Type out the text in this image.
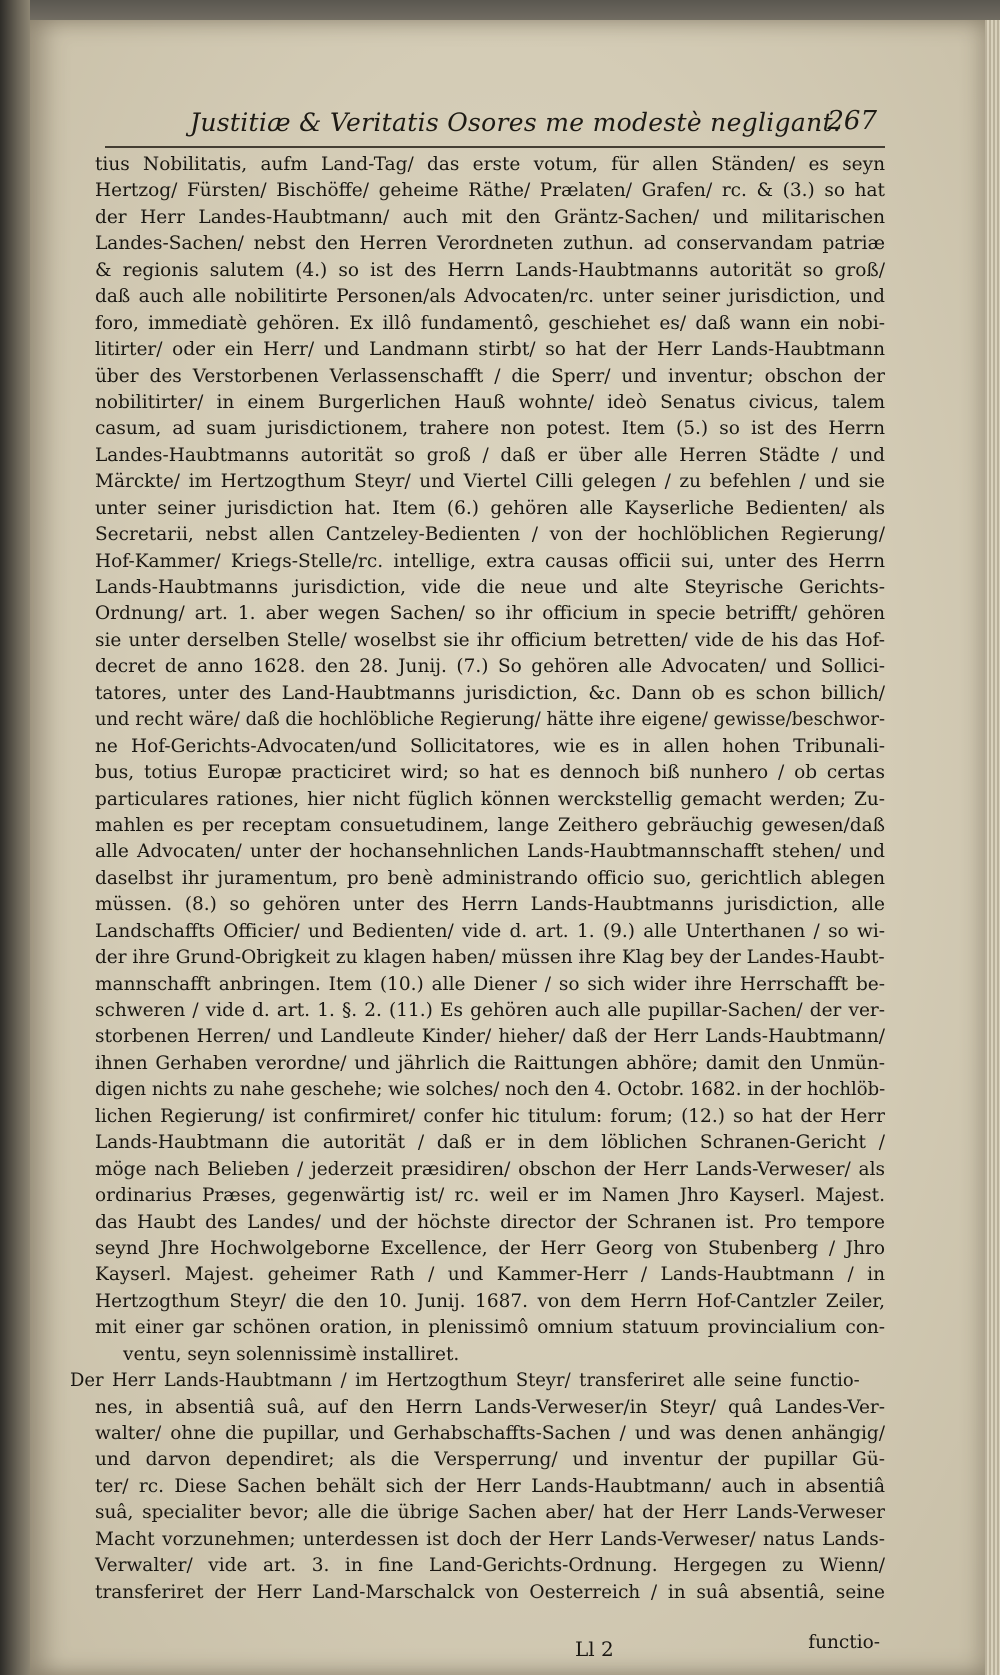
Justitiæ & Veritatis Osores me modestè negligant.
267
tius Nobilitatis, aufm Land-Tag/ das erste votum, für allen Ständen/ es seyn
Hertzog/ Fürsten/ Bischöffe/ geheime Räthe/ Prælaten/ Grafen/ rc. & (3.) so hat
der Herr Landes-Haubtmann/ auch mit den Gräntz-Sachen/ und militarischen
Landes-Sachen/ nebst den Herren Verordneten zuthun. ad conservandam patriæ
& regionis salutem (4.) so ist des Herrn Lands-Haubtmanns autorität so groß/
daß auch alle nobilitirte Personen/als Advocaten/rc. unter seiner jurisdiction, und
foro, immediatè gehören. Ex illô fundamentô, geschiehet es/ daß wann ein nobi-
litirter/ oder ein Herr/ und Landmann stirbt/ so hat der Herr Lands-Haubtmann
über des Verstorbenen Verlassenschafft / die Sperr/ und inventur; obschon der
nobilitirter/ in einem Burgerlichen Hauß wohnte/ ideò Senatus civicus, talem
casum, ad suam jurisdictionem, trahere non potest. Item (5.) so ist des Herrn
Landes-Haubtmanns autorität so groß / daß er über alle Herren Städte / und
Märckte/ im Hertzogthum Steyr/ und Viertel Cilli gelegen / zu befehlen / und sie
unter seiner jurisdiction hat. Item (6.) gehören alle Kayserliche Bedienten/ als
Secretarii, nebst allen Cantzeley-Bedienten / von der hochlöblichen Regierung/
Hof-Kammer/ Kriegs-Stelle/rc. intellige, extra causas officii sui, unter des Herrn
Lands-Haubtmanns jurisdiction, vide die neue und alte Steyrische Gerichts-
Ordnung/ art. 1. aber wegen Sachen/ so ihr officium in specie betrifft/ gehören
sie unter derselben Stelle/ woselbst sie ihr officium betretten/ vide de his das Hof-
decret de anno 1628. den 28. Junij. (7.) So gehören alle Advocaten/ und Sollici-
tatores, unter des Land-Haubtmanns jurisdiction, &c. Dann ob es schon billich/
und recht wäre/ daß die hochlöbliche Regierung/ hätte ihre eigene/ gewisse/beschwor-
ne Hof-Gerichts-Advocaten/und Sollicitatores, wie es in allen hohen Tribunali-
bus, totius Europæ practiciret wird; so hat es dennoch biß nunhero / ob certas
particulares rationes, hier nicht füglich können werckstellig gemacht werden; Zu-
mahlen es per receptam consuetudinem, lange Zeithero gebräuchig gewesen/daß
alle Advocaten/ unter der hochansehnlichen Lands-Haubtmannschafft stehen/ und
daselbst ihr juramentum, pro benè administrando officio suo, gerichtlich ablegen
müssen. (8.) so gehören unter des Herrn Lands-Haubtmanns jurisdiction, alle
Landschaffts Officier/ und Bedienten/ vide d. art. 1. (9.) alle Unterthanen / so wi-
der ihre Grund-Obrigkeit zu klagen haben/ müssen ihre Klag bey der Landes-Haubt-
mannschafft anbringen. Item (10.) alle Diener / so sich wider ihre Herrschafft be-
schweren / vide d. art. 1. §. 2. (11.) Es gehören auch alle pupillar-Sachen/ der ver-
storbenen Herren/ und Landleute Kinder/ hieher/ daß der Herr Lands-Haubtmann/
ihnen Gerhaben verordne/ und jährlich die Raittungen abhöre; damit den Unmün-
digen nichts zu nahe geschehe; wie solches/ noch den 4. Octobr. 1682. in der hochlöb-
lichen Regierung/ ist confirmiret/ confer hic titulum: forum; (12.) so hat der Herr
Lands-Haubtmann die autorität / daß er in dem löblichen Schranen-Gericht /
möge nach Belieben / jederzeit præsidiren/ obschon der Herr Lands-Verweser/ als
ordinarius Præses, gegenwärtig ist/ rc. weil er im Namen Jhro Kayserl. Majest.
das Haubt des Landes/ und der höchste director der Schranen ist. Pro tempore
seynd Jhre Hochwolgeborne Excellence, der Herr Georg von Stubenberg / Jhro
Kayserl. Majest. geheimer Rath / und Kammer-Herr / Lands-Haubtmann / in
Hertzogthum Steyr/ die den 10. Junij. 1687. von dem Herrn Hof-Cantzler Zeiler,
mit einer gar schönen oration, in plenissimô omnium statuum provincialium con-
ventu, seyn solennissimè installiret.
Der Herr Lands-Haubtmann / im Hertzogthum Steyr/ transferiret alle seine functio-
nes, in absentiâ suâ, auf den Herrn Lands-Verweser/in Steyr/ quâ Landes-Ver-
walter/ ohne die pupillar, und Gerhabschaffts-Sachen / und was denen anhängig/
und darvon dependiret; als die Versperrung/ und inventur der pupillar Gü-
ter/ rc. Diese Sachen behält sich der Herr Lands-Haubtmann/ auch in absentiâ
suâ, specialiter bevor; alle die übrige Sachen aber/ hat der Herr Lands-Verweser
Macht vorzunehmen; unterdessen ist doch der Herr Lands-Verweser/ natus Lands-
Verwalter/ vide art. 3. in fine Land-Gerichts-Ordnung. Hergegen zu Wienn/
transferiret der Herr Land-Marschalck von Oesterreich / in suâ absentiâ, seine
Ll 2	functio-
